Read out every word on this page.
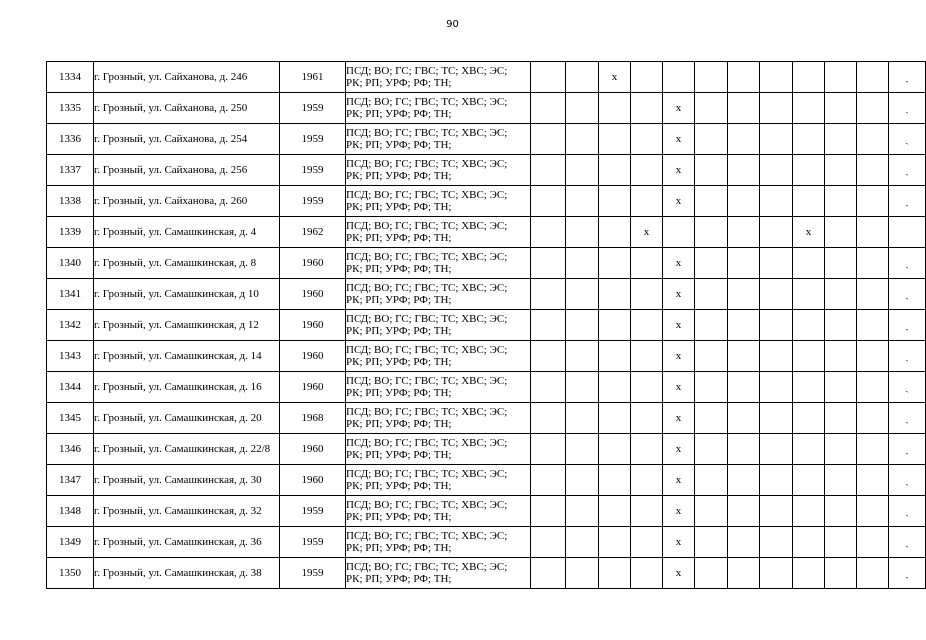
90
1334	г. Грозный, ул. Сайханова, д. 246	1961	ПСД; ВО; ГС; ГВС; ТС; ХВС; ЭС;
РК; РП; УРФ; РФ; ТН;			x									ˎ
1335	г. Грозный, ул. Сайханова, д. 250	1959	ПСД; ВО; ГС; ГВС; ТС; ХВС; ЭС;
РК; РП; УРФ; РФ; ТН;					x							ˎ
1336	г. Грозный, ул. Сайханова, д. 254	1959	ПСД; ВО; ГС; ГВС; ТС; ХВС; ЭС;
РК; РП; УРФ; РФ; ТН;					x							ˎ
1337	г. Грозный, ул. Сайханова, д. 256	1959	ПСД; ВО; ГС; ГВС; ТС; ХВС; ЭС;
РК; РП; УРФ; РФ; ТН;					x							ˎ
1338	г. Грозный, ул. Сайханова, д. 260	1959	ПСД; ВО; ГС; ГВС; ТС; ХВС; ЭС;
РК; РП; УРФ; РФ; ТН;					x							ˎ
1339	г. Грозный, ул. Самашкинская, д. 4	1962	ПСД; ВО; ГС; ГВС; ТС; ХВС; ЭС;
РК; РП; УРФ; РФ; ТН;				x					x			
1340	г. Грозный, ул. Самашкинская, д. 8	1960	ПСД; ВО; ГС; ГВС; ТС; ХВС; ЭС;
РК; РП; УРФ; РФ; ТН;					x							ˎ
1341	г. Грозный, ул. Самашкинская, д 10	1960	ПСД; ВО; ГС; ГВС; ТС; ХВС; ЭС;
РК; РП; УРФ; РФ; ТН;					x							ˎ
1342	г. Грозный, ул. Самашкинская, д 12	1960	ПСД; ВО; ГС; ГВС; ТС; ХВС; ЭС;
РК; РП; УРФ; РФ; ТН;					x							ˎ
1343	г. Грозный, ул. Самашкинская, д. 14	1960	ПСД; ВО; ГС; ГВС; ТС; ХВС; ЭС;
РК; РП; УРФ; РФ; ТН;					x							ˎ
1344	г. Грозный, ул. Самашкинская, д. 16	1960	ПСД; ВО; ГС; ГВС; ТС; ХВС; ЭС;
РК; РП; УРФ; РФ; ТН;					x							ˎ
1345	г. Грозный, ул. Самашкинская, д. 20	1968	ПСД; ВО; ГС; ГВС; ТС; ХВС; ЭС;
РК; РП; УРФ; РФ; ТН;					x							ˎ
1346	г. Грозный, ул. Самашкинская, д. 22/8	1960	ПСД; ВО; ГС; ГВС; ТС; ХВС; ЭС;
РК; РП; УРФ; РФ; ТН;					x							ˎ
1347	г. Грозный, ул. Самашкинская, д. 30	1960	ПСД; ВО; ГС; ГВС; ТС; ХВС; ЭС;
РК; РП; УРФ; РФ; ТН;					x							ˎ
1348	г. Грозный, ул. Самашкинская, д. 32	1959	ПСД; ВО; ГС; ГВС; ТС; ХВС; ЭС;
РК; РП; УРФ; РФ; ТН;					x							ˎ
1349	г. Грозный, ул. Самашкинская, д. 36	1959	ПСД; ВО; ГС; ГВС; ТС; ХВС; ЭС;
РК; РП; УРФ; РФ; ТН;					x							ˎ
1350	г. Грозный, ул. Самашкинская, д. 38	1959	ПСД; ВО; ГС; ГВС; ТС; ХВС; ЭС;
РК; РП; УРФ; РФ; ТН;					x							ˎ
